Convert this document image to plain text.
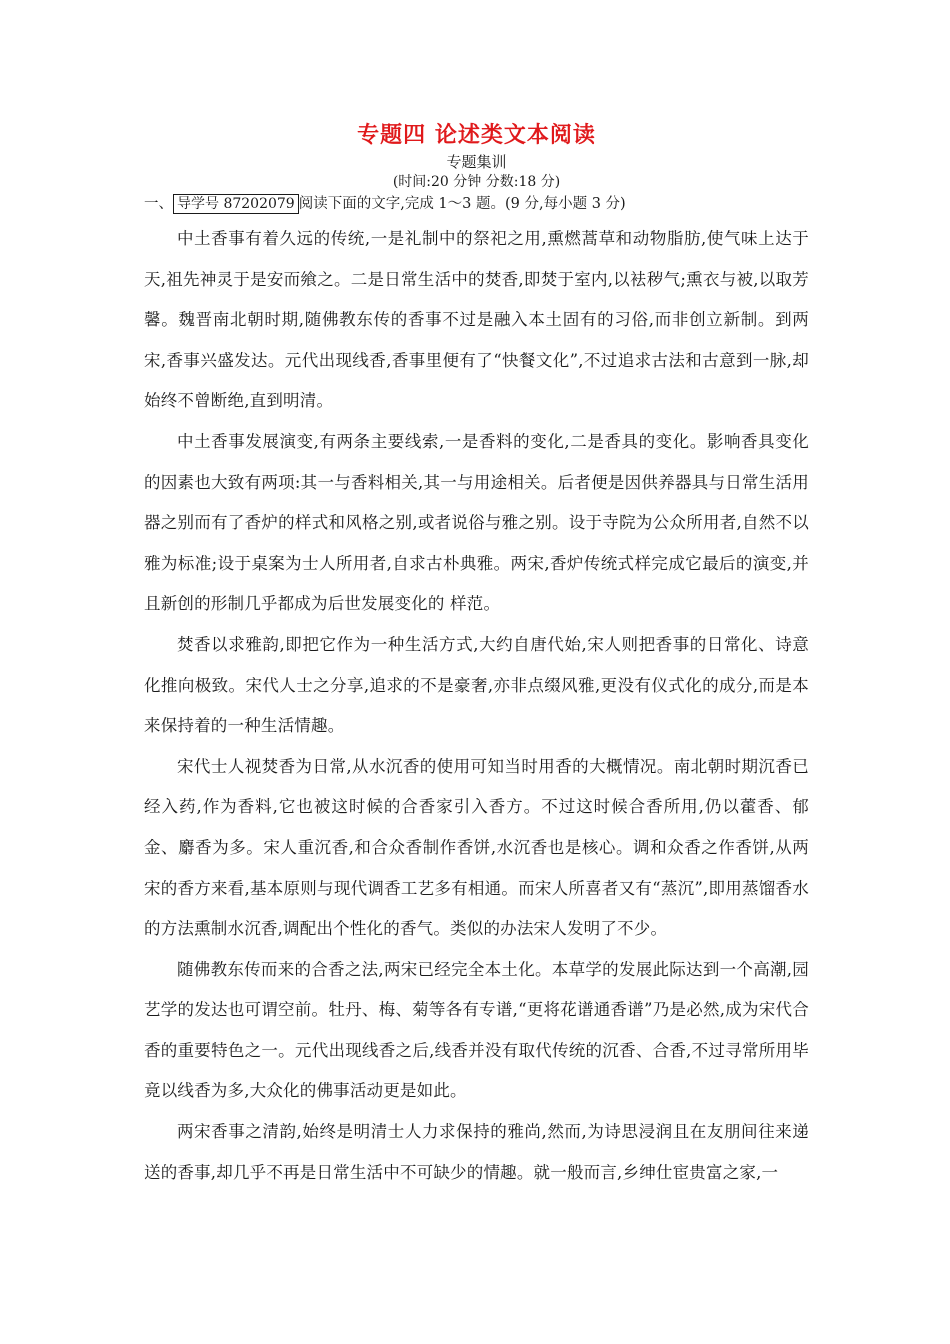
专题四 论述类文本阅读

专题集训

(时间:20 分钟 分数:18 分)

一、 导学号 87202079 阅读下面的文字,完成 1～3 题。(9 分,每小题 3 分)

中土香事有着久远的传统,一是礼制中的祭祀之用,熏燃蒿草和动物脂肪,使气味上达于天,祖先神灵于是安而飨之。二是日常生活中的焚香,即焚于室内,以袪秽气;熏衣与被,以取芳馨。魏晋南北朝时期,随佛教东传的香事不过是融入本土固有的习俗,而非创立新制。到两宋,香事兴盛发达。元代出现线香,香事里便有了“快餐文化”,不过追求古法和古意到一脉,却始终不曾断绝,直到明清。

中土香事发展演变,有两条主要线索,一是香料的变化,二是香具的变化。影响香具变化的因素也大致有两项:其一与香料相关,其一与用途相关。后者便是因供养器具与日常生活用器之别而有了香炉的样式和风格之别,或者说俗与雅之别。设于寺院为公众所用者,自然不以雅为标准;设于桌案为士人所用者,自求古朴典雅。两宋,香炉传统式样完成它最后的演变,并且新创的形制几乎都成为后世发展变化的 样范。

焚香以求雅韵,即把它作为一种生活方式,大约自唐代始,宋人则把香事的日常化、诗意化推向极致。宋代人士之分享,追求的不是豪奢,亦非点缀风雅,更没有仪式化的成分,而是本来保持着的一种生活情趣。

宋代士人视焚香为日常,从水沉香的使用可知当时用香的大概情况。南北朝时期沉香已经入药,作为香料,它也被这时候的合香家引入香方。不过这时候合香所用,仍以藿香、郁金、麝香为多。宋人重沉香,和合众香制作香饼,水沉香也是核心。调和众香之作香饼,从两宋的香方来看,基本原则与现代调香工艺多有相通。而宋人所喜者又有“蒸沉”,即用蒸馏香水的方法熏制水沉香,调配出个性化的香气。类似的办法宋人发明了不少。

随佛教东传而来的合香之法,两宋已经完全本土化。本草学的发展此际达到一个高潮,园艺学的发达也可谓空前。牡丹、梅、菊等各有专谱,“更将花谱通香谱”乃是必然,成为宋代合香的重要特色之一。元代出现线香之后,线香并没有取代传统的沉香、合香,不过寻常所用毕竟以线香为多,大众化的佛事活动更是如此。

两宋香事之清韵,始终是明清士人力求保持的雅尚,然而,为诗思浸润且在友朋间往来递送的香事,却几乎不再是日常生活中不可缺少的情趣。就一般而言,乡绅仕宦贵富之家,一
